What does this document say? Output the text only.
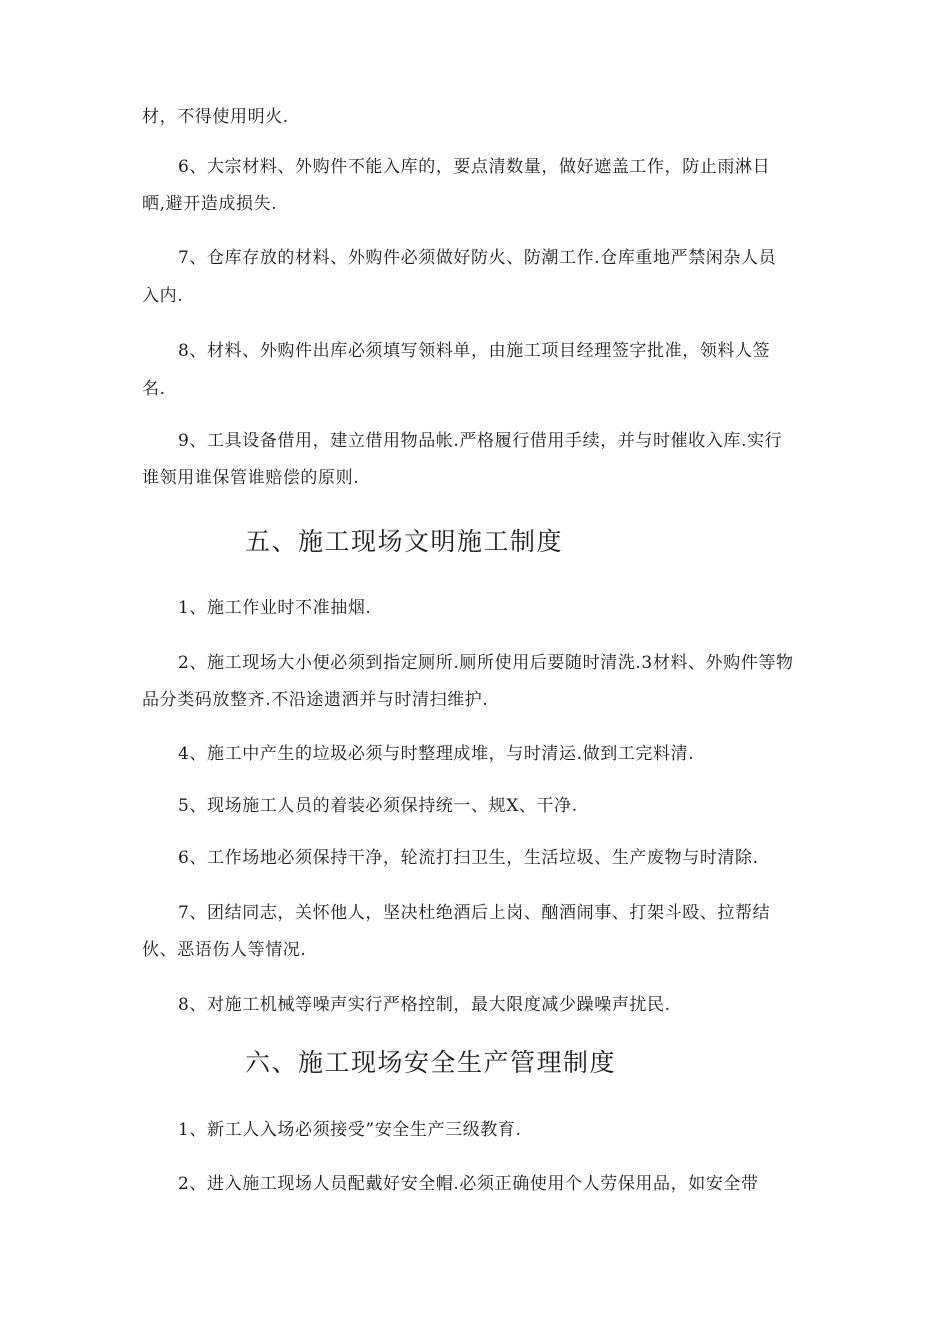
材，不得使用明火.
6、大宗材料、外购件不能入库的，要点清数量，做好遮盖工作，防止雨淋日
晒,避开造成损失.
7、仓库存放的材料、外购件必须做好防火、防潮工作.仓库重地严禁闲杂人员
入内.
8、材料、外购件出库必须填写领料单，由施工项目经理签字批准，领料人签
名.
9、工具设备借用，建立借用物品帐.严格履行借用手续，并与时催收入库.实行
谁领用谁保管谁赔偿的原则.
五、施工现场文明施工制度
1、施工作业时不准抽烟.
2、施工现场大小便必须到指定厕所.厕所使用后要随时清洗.3材料、外购件等物
品分类码放整齐.不沿途遗洒并与时清扫维护.
4、施工中产生的垃圾必须与时整理成堆，与时清运.做到工完料清.
5、现场施工人员的着装必须保持统一、规X、干净.
6、工作场地必须保持干净，轮流打扫卫生，生活垃圾、生产废物与时清除.
7、团结同志，关怀他人，坚决杜绝酒后上岗、酗酒闹事、打架斗殴、拉帮结
伙、恶语伤人等情况.
8、对施工机械等噪声实行严格控制，最大限度减少躁噪声扰民.
六、施工现场安全生产管理制度
1、新工人入场必须接受”安全生产三级教育.
2、进入施工现场人员配戴好安全帽.必须正确使用个人劳保用品，如安全带
